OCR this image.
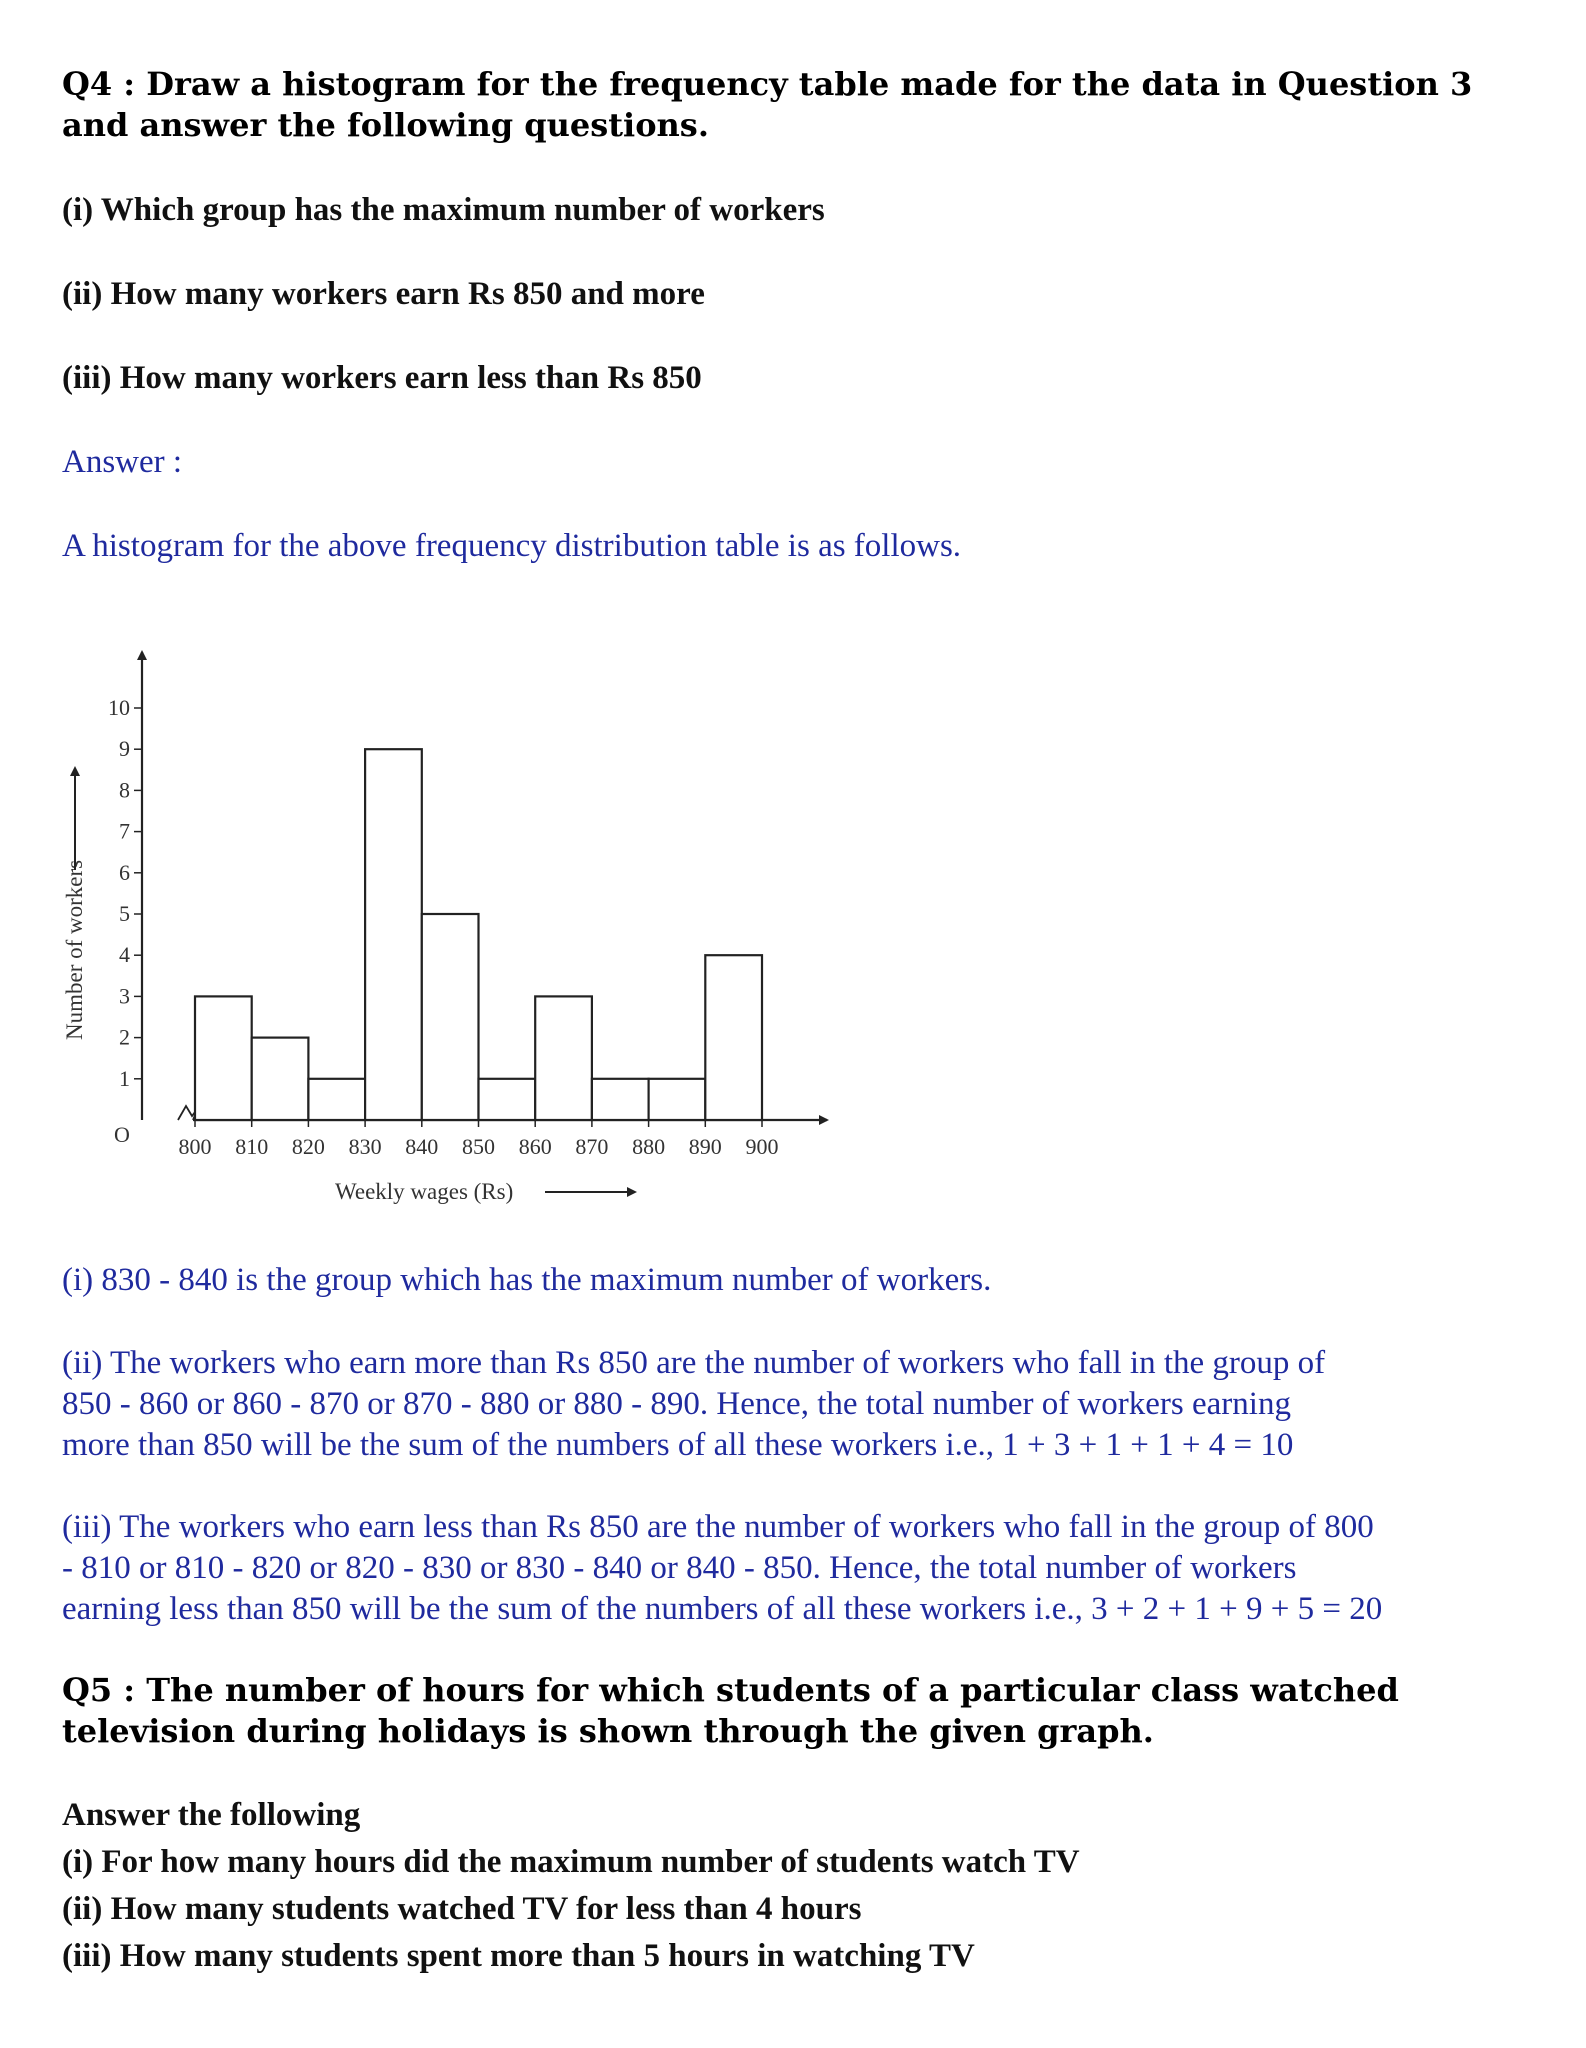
Q4 : Draw a histogram for the frequency table made for the data in Question 3

and answer the following questions.

(i) Which group has the maximum number of workers

(ii) How many workers earn Rs 850 and more

(iii) How many workers earn less than Rs 850

Answer :

A histogram for the above frequency distribution table is as follows.

O
1
2
3
4
5
6
7
8
9
10
800 810 820 830 840 850 860 870 880 890 900
Weekly wages (Rs)
Number of workers

(i) 830 - 840 is the group which has the maximum number of workers.

(ii) The workers who earn more than Rs 850 are the number of workers who fall in the group of

850 - 860 or 860 - 870 or 870 - 880 or 880 - 890. Hence, the total number of workers earning

more than 850 will be the sum of the numbers of all these workers i.e., 1 + 3 + 1 + 1 + 4 = 10

(iii) The workers who earn less than Rs 850 are the number of workers who fall in the group of 800

- 810 or 810 - 820 or 820 - 830 or 830 - 840 or 840 - 850. Hence, the total number of workers

earning less than 850 will be the sum of the numbers of all these workers i.e., 3 + 2 + 1 + 9 + 5 = 20

Q5 : The number of hours for which students of a particular class watched

television during holidays is shown through the given graph.

Answer the following

(i) For how many hours did the maximum number of students watch TV

(ii) How many students watched TV for less than 4 hours

(iii) How many students spent more than 5 hours in watching TV
